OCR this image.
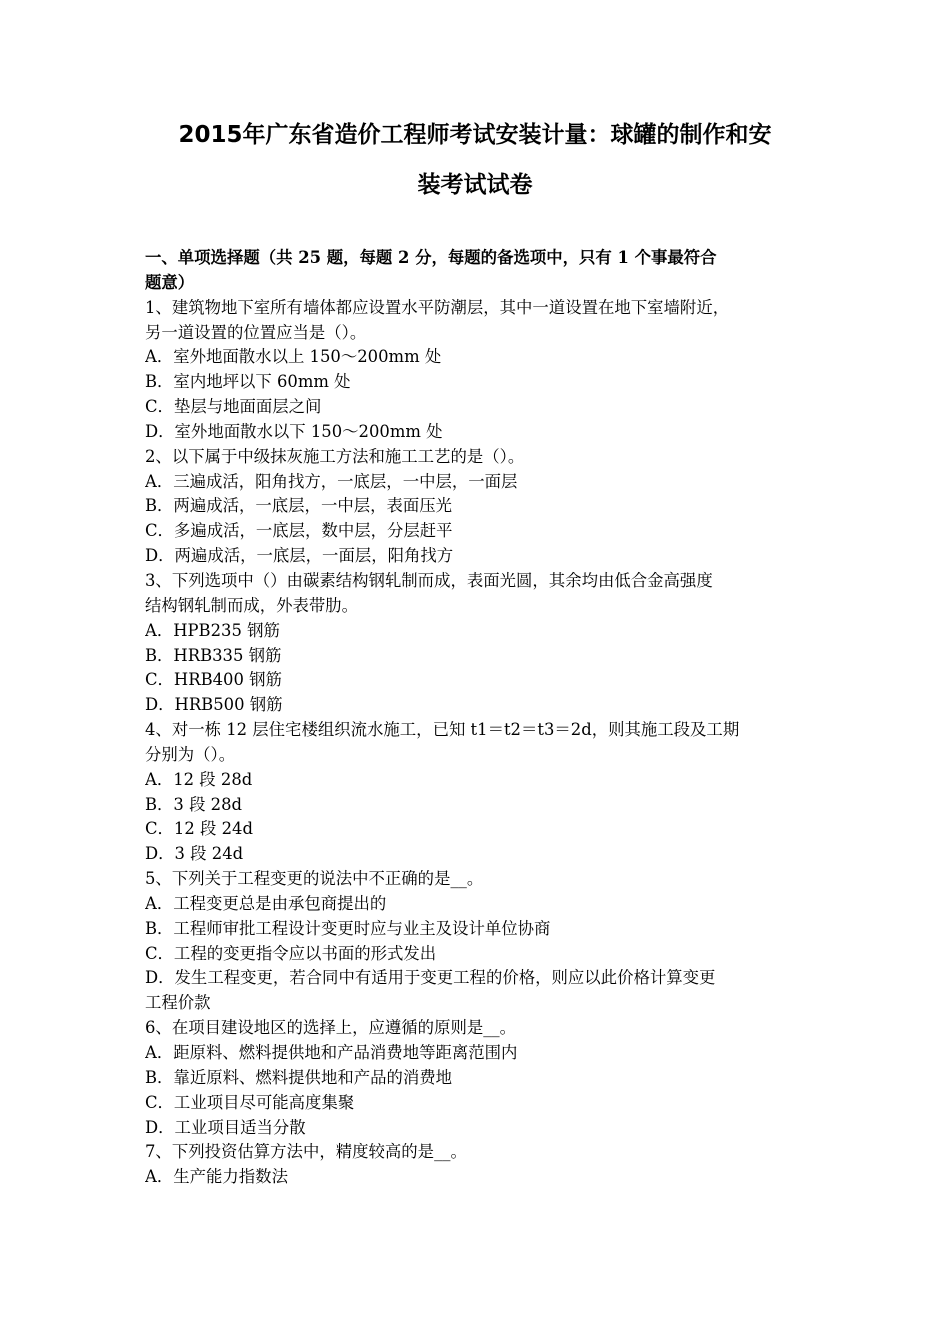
2015年广东省造价工程师考试安装计量：球罐的制作和安
装考试试卷
一、单项选择题（共 25 题，每题 2 分，每题的备选项中，只有 1 个事最符合
题意）
1、建筑物地下室所有墙体都应设置水平防潮层，其中一道设置在地下室墙附近，
另一道设置的位置应当是（）。
A．室外地面散水以上 150～200mm 处
B．室内地坪以下 60mm 处
C．垫层与地面面层之间
D．室外地面散水以下 150～200mm 处
2、以下属于中级抹灰施工方法和施工工艺的是（）。
A．三遍成活，阳角找方，一底层，一中层，一面层
B．两遍成活，一底层，一中层，表面压光
C．多遍成活，一底层，数中层，分层赶平
D．两遍成活，一底层，一面层，阳角找方
3、下列选项中（）由碳素结构钢轧制而成，表面光圆，其余均由低合金高强度
结构钢轧制而成，外表带肋。
A．HPB235 钢筋
B．HRB335 钢筋
C．HRB400 钢筋
D．HRB500 钢筋
4、对一栋 12 层住宅楼组织流水施工，已知 t1＝t2＝t3＝2d，则其施工段及工期
分别为（）。
A．12 段 28d
B．3 段 28d
C．12 段 24d
D．3 段 24d
5、下列关于工程变更的说法中不正确的是__。
A．工程变更总是由承包商提出的
B．工程师审批工程设计变更时应与业主及设计单位协商
C．工程的变更指令应以书面的形式发出
D．发生工程变更，若合同中有适用于变更工程的价格，则应以此价格计算变更
工程价款
6、在项目建设地区的选择上，应遵循的原则是__。
A．距原料、燃料提供地和产品消费地等距离范围内
B．靠近原料、燃料提供地和产品的消费地
C．工业项目尽可能高度集聚
D．工业项目适当分散
7、下列投资估算方法中，精度较高的是__。
A．生产能力指数法
